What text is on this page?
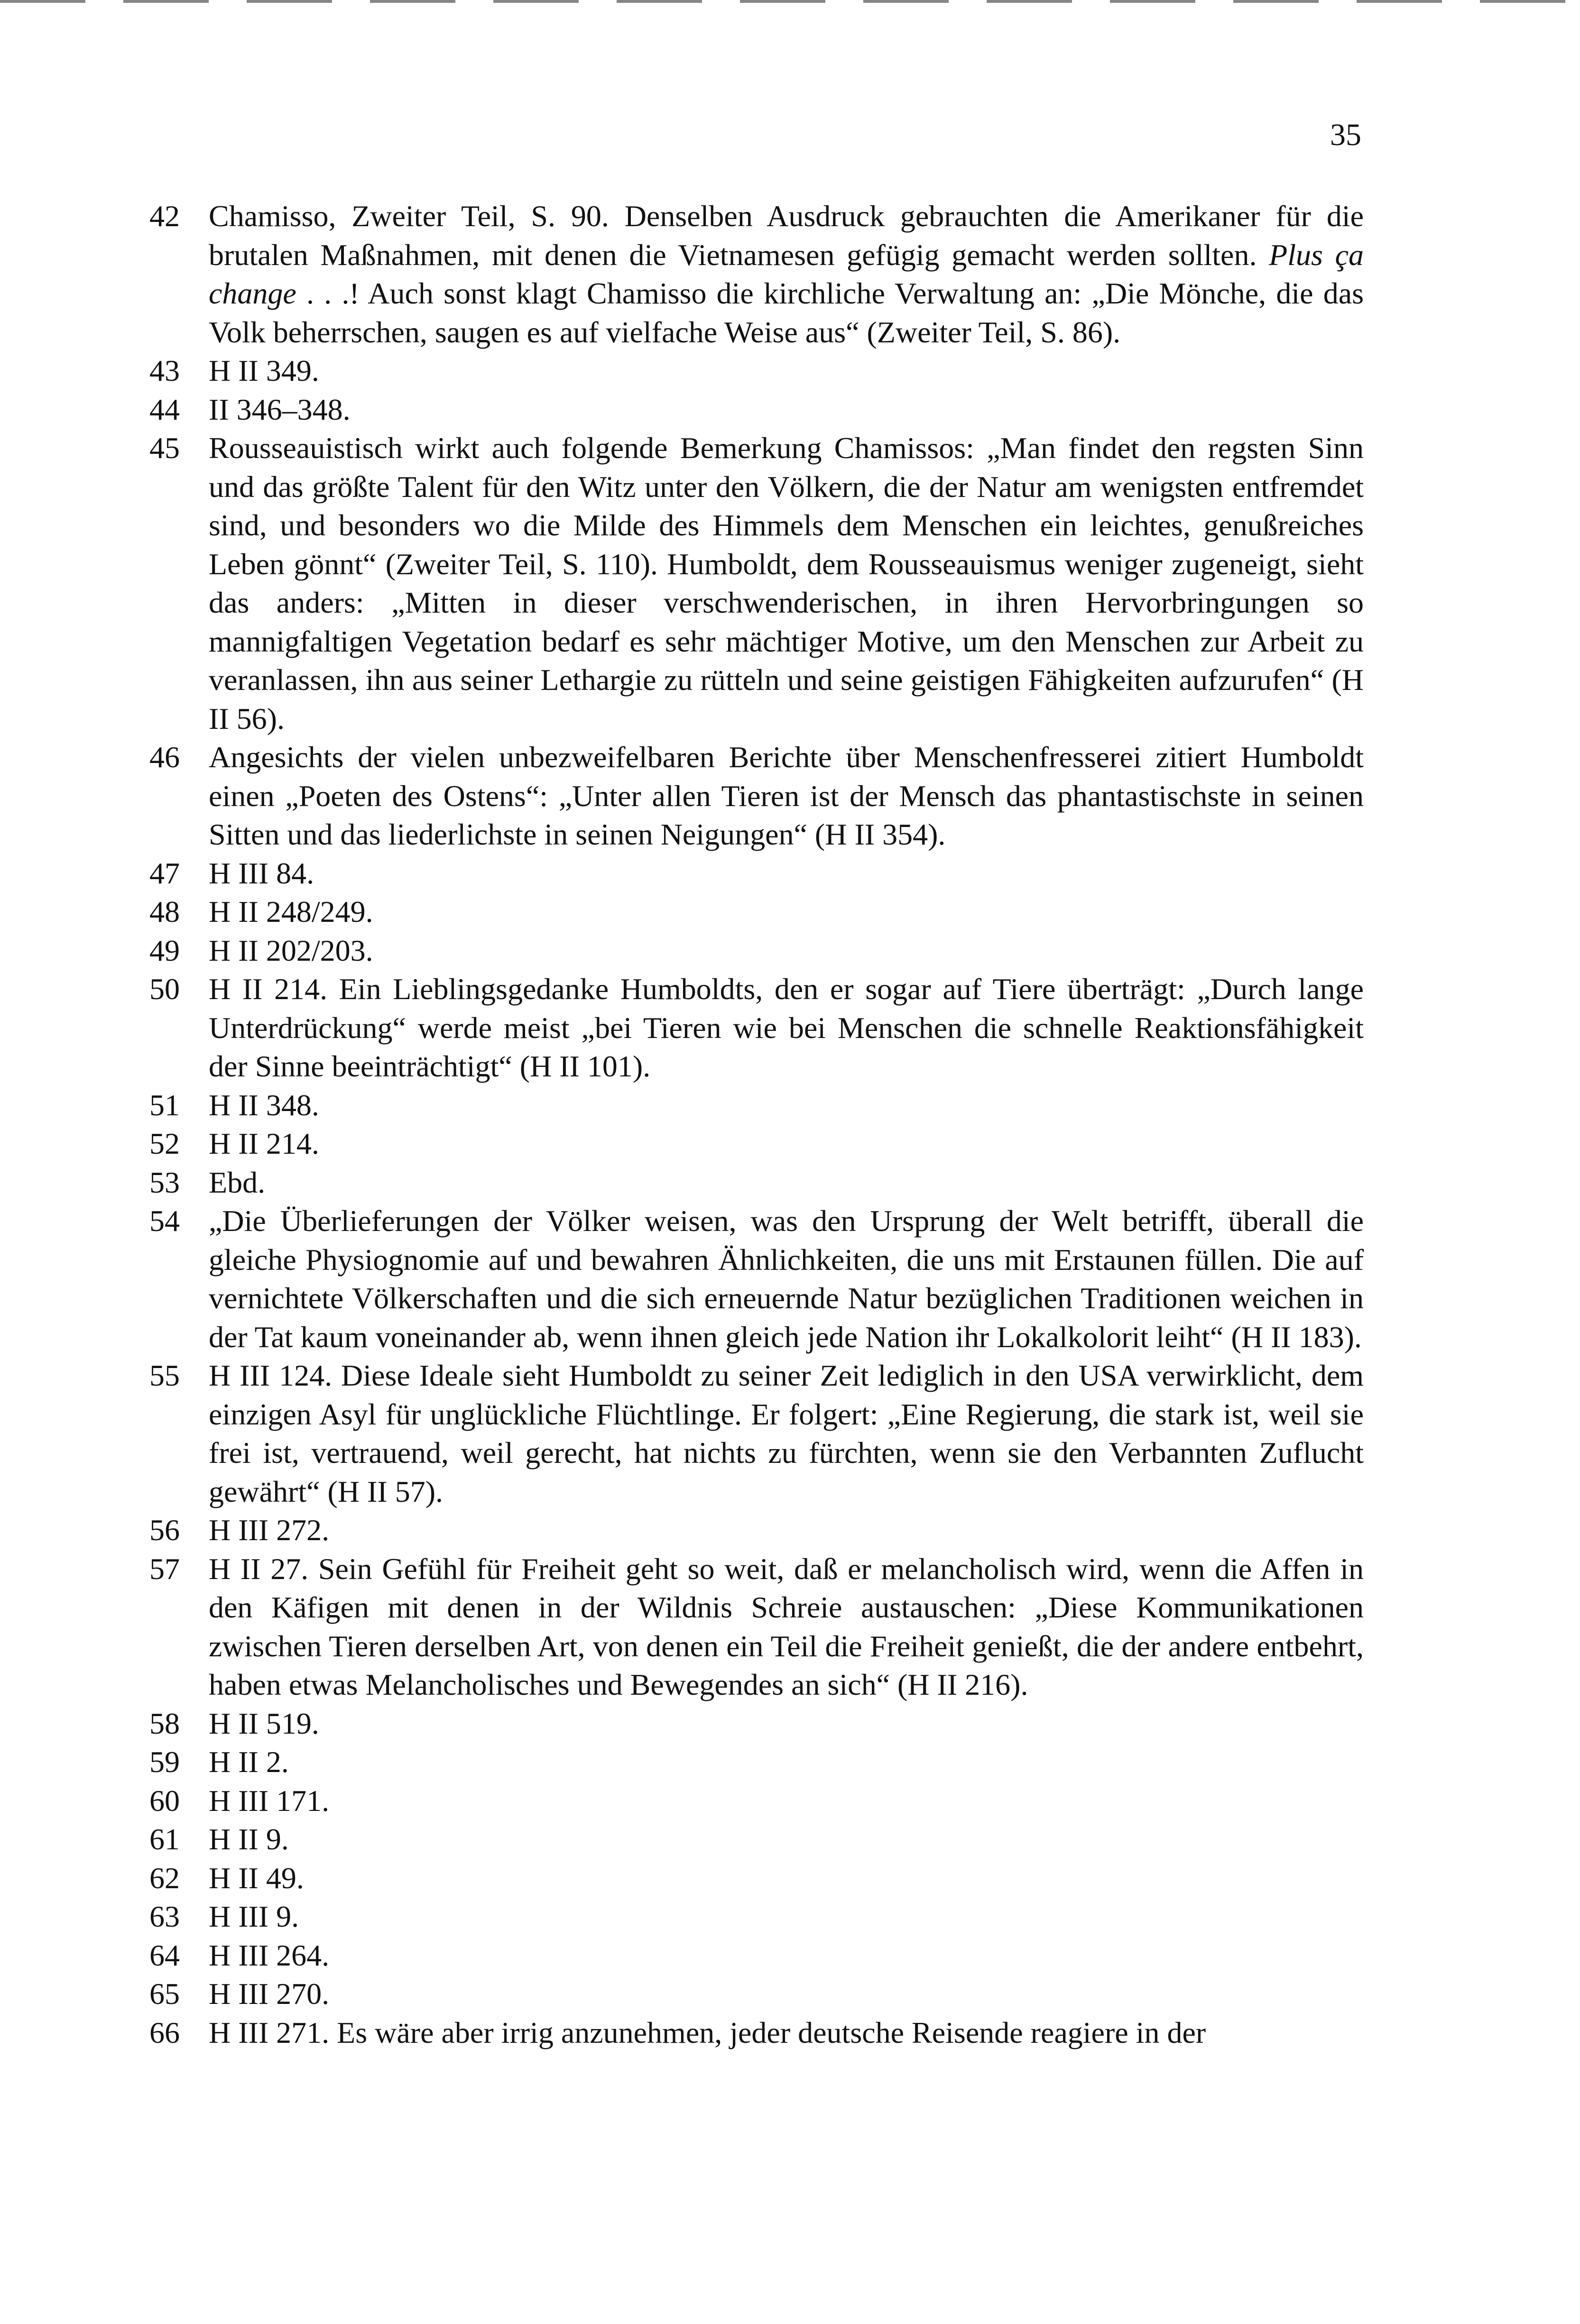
35
42 Chamisso, Zweiter Teil, S. 90. Denselben Ausdruck gebrauchten die Amerikaner für die brutalen Maßnahmen, mit denen die Vietnamesen gefügig gemacht werden sollten. Plus ça change . . .! Auch sonst klagt Chamisso die kirchliche Verwaltung an: „Die Mönche, die das Volk beherrschen, saugen es auf vielfache Weise aus“ (Zweiter Teil, S. 86).
43 H II 349.
44 II 346–348.
45 Rousseauistisch wirkt auch folgende Bemerkung Chamissos: „Man findet den regsten Sinn und das größte Talent für den Witz unter den Völkern, die der Natur am wenigsten entfremdet sind, und besonders wo die Milde des Himmels dem Menschen ein leichtes, genußreiches Leben gönnt“ (Zweiter Teil, S. 110). Humboldt, dem Rousseauismus weniger zugeneigt, sieht das anders: „Mitten in dieser verschwenderischen, in ihren Hervorbringungen so mannigfaltigen Vegetation bedarf es sehr mächtiger Motive, um den Menschen zur Arbeit zu veranlassen, ihn aus seiner Lethargie zu rütteln und seine geistigen Fähigkeiten aufzurufen“ (H II 56).
46 Angesichts der vielen unbezweifelbaren Berichte über Menschenfresserei zitiert Humboldt einen „Poeten des Ostens“: „Unter allen Tieren ist der Mensch das phantastischste in seinen Sitten und das liederlichste in seinen Neigungen“ (H II 354).
47 H III 84.
48 H II 248/249.
49 H II 202/203.
50 H II 214. Ein Lieblingsgedanke Humboldts, den er sogar auf Tiere überträgt: „Durch lange Unterdrückung“ werde meist „bei Tieren wie bei Menschen die schnelle Reaktionsfähigkeit der Sinne beeinträchtigt“ (H II 101).
51 H II 348.
52 H II 214.
53 Ebd.
54 „Die Überlieferungen der Völker weisen, was den Ursprung der Welt betrifft, überall die gleiche Physiognomie auf und bewahren Ähnlichkeiten, die uns mit Erstaunen füllen. Die auf vernichtete Völkerschaften und die sich erneuernde Natur bezüglichen Traditionen weichen in der Tat kaum voneinander ab, wenn ihnen gleich jede Nation ihr Lokalkolorit leiht“ (H II 183).
55 H III 124. Diese Ideale sieht Humboldt zu seiner Zeit lediglich in den USA verwirklicht, dem einzigen Asyl für unglückliche Flüchtlinge. Er folgert: „Eine Regierung, die stark ist, weil sie frei ist, vertrauend, weil gerecht, hat nichts zu fürchten, wenn sie den Verbannten Zuflucht gewährt“ (H II 57).
56 H III 272.
57 H II 27. Sein Gefühl für Freiheit geht so weit, daß er melancholisch wird, wenn die Affen in den Käfigen mit denen in der Wildnis Schreie austauschen: „Diese Kommunikationen zwischen Tieren derselben Art, von denen ein Teil die Freiheit genießt, die der andere entbehrt, haben etwas Melancholisches und Bewegendes an sich“ (H II 216).
58 H II 519.
59 H II 2.
60 H III 171.
61 H II 9.
62 H II 49.
63 H III 9.
64 H III 264.
65 H III 270.
66 H III 271. Es wäre aber irrig anzunehmen, jeder deutsche Reisende reagiere in der
